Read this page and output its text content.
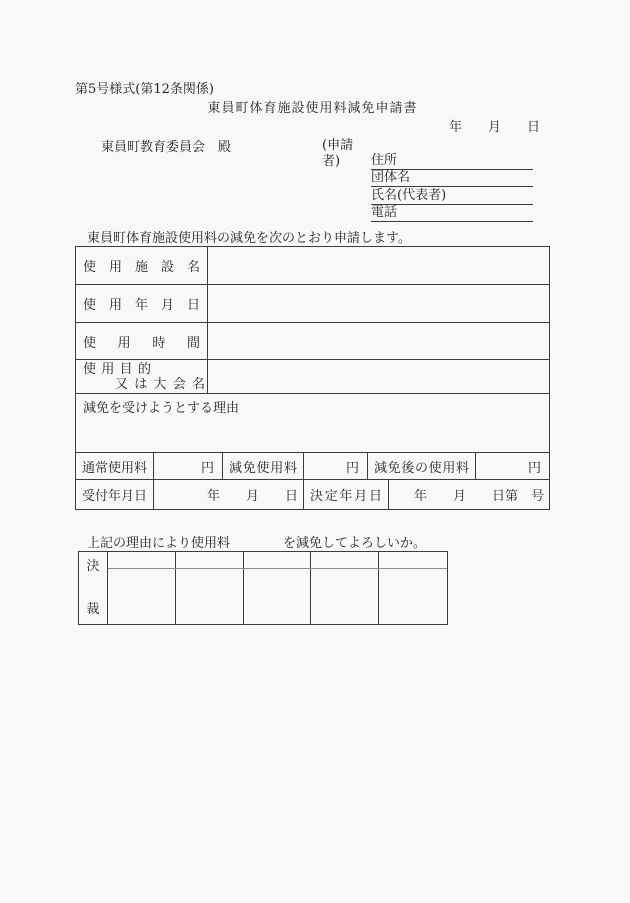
第5号様式(第12条関係)
東員町体育施設使用料減免申請書
年　　月　　日
東員町教育委員会　殿	(申請者)	住所
団体名
氏名(代表者)
電話
東員町体育施設使用料の減免を次のとおり申請します。
使用施設名
使用年月日
使用時間
使用目的
又は大会名
減免を受けようとする理由
通常使用料	円 減免使用料	円 減免後の使用料	円
受付年月日	年　　月　　日 決定年月日 年　　月　　日第　号
上記の理由により使用料	を減免してよろしいか。
決
裁
